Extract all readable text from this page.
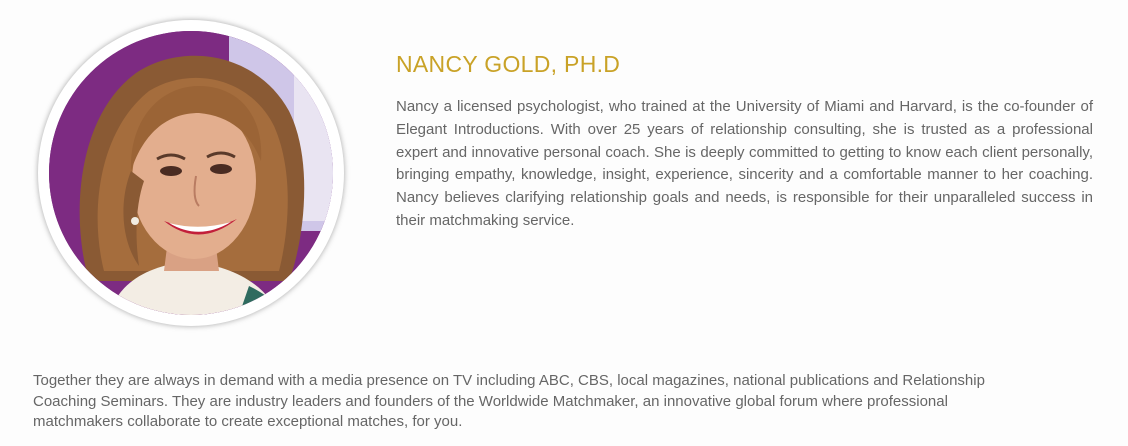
NANCY GOLD, PH.D

Nancy a licensed psychologist, who trained at the University of Miami and Harvard, is the co-founder of Elegant Introductions. With over 25 years of relationship consulting, she is trusted as a professional expert and innovative personal coach. She is deeply committed to getting to know each client personally, bringing empathy, knowledge, insight, experience, sincerity and a comfortable manner to her coaching. Nancy believes clarifying relationship goals and needs, is responsible for their unparalleled success in their matchmaking service.

Together they are always in demand with a media presence on TV including ABC, CBS, local magazines, national publications and Relationship Coaching Seminars. They are industry leaders and founders of the Worldwide Matchmaker, an innovative global forum where professional matchmakers collaborate to create exceptional matches, for you.
